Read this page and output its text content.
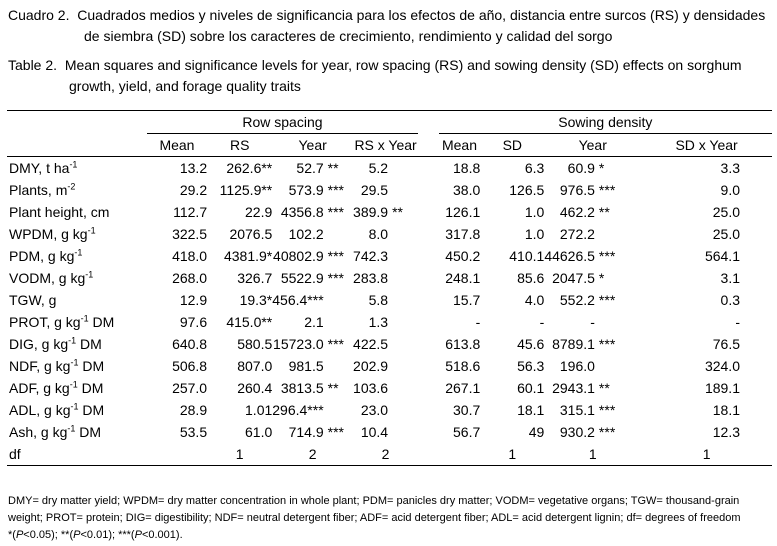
Cuadro 2. Cuadrados medios y niveles de significancia para los efectos de año, distancia entre surcos (RS) y densidades
de siembra (SD) sobre los caracteres de crecimiento, rendimiento y calidad del sorgo
Table 2. Mean squares and significance levels for year, row spacing (RS) and sowing density (SD) effects on sorghum
growth, yield, and forage quality traits
	Row spacing						Sowing density				
	Mean	RS	Year		RS x Year		Mean	SD	Year		SD x Year
DMY, t $ha^{-1}$	13.2	262.6**	52.7	**	5.2		18.8	6.3	60.9	*	3.3
Plants, $m^{-2}$	29.2	1125.9**	573.9	***	29.5		38.0	126.5	976.5	***	9.0
Plant height, cm	112.7	22.9	4356.8	***	389.9 **		126.1	1.0	462.2	**	25.0
WPDM, g $kg^{-1}$	322.5	2076.5	102.2		8.0		317.8	1.0	272.2		25.0
PDM, g $kg^{-1}$	418.0	4381.9*	40802.9	***	742.3		450.2	410.1	44626.5	***	564.1
VODM, g $kg^{-1}$	268.0	326.7	5522.9	***	283.8		248.1	85.6	2047.5	*	3.1
TGW, g	12.9	19.3*	456.4***		5.8		15.7	4.0	552.2	***	0.3
PROT, g $kg^{-1}$ DM	97.6	415.0**	2.1		1.3		-	-	-		-
DIG, g $kg^{-1}$ DM	640.8	580.5	15723.0	***	422.5		613.8	45.6	8789.1	***	76.5
NDF, g $kg^{-1}$ DM	506.8	807.0	981.5		202.9		518.6	56.3	196.0		324.0
ADF, g $kg^{-1}$ DM	257.0	260.4	3813.5	**	103.6		267.1	60.1	2943.1	**	189.1
ADL, g $kg^{-1}$ DM	28.9	1.01	296.4***		23.0		30.7	18.1	315.1	***	18.1
Ash, g $kg^{-1}$ DM	53.5	61.0	714.9	***	10.4		56.7	49	930.2	***	12.3
df		1	2		2			1	1		1
DMY= dry matter yield; WPDM= dry matter concentration in whole plant; PDM= panicles dry matter; VODM= vegetative organs; TGW= thousand-grain
weight; PROT= protein; DIG= digestibility; NDF= neutral detergent fiber; ADF= acid detergent fiber; ADL= acid detergent lignin; df= degrees of freedom
*(P<0.05); **(P<0.01); ***(P<0.001).
